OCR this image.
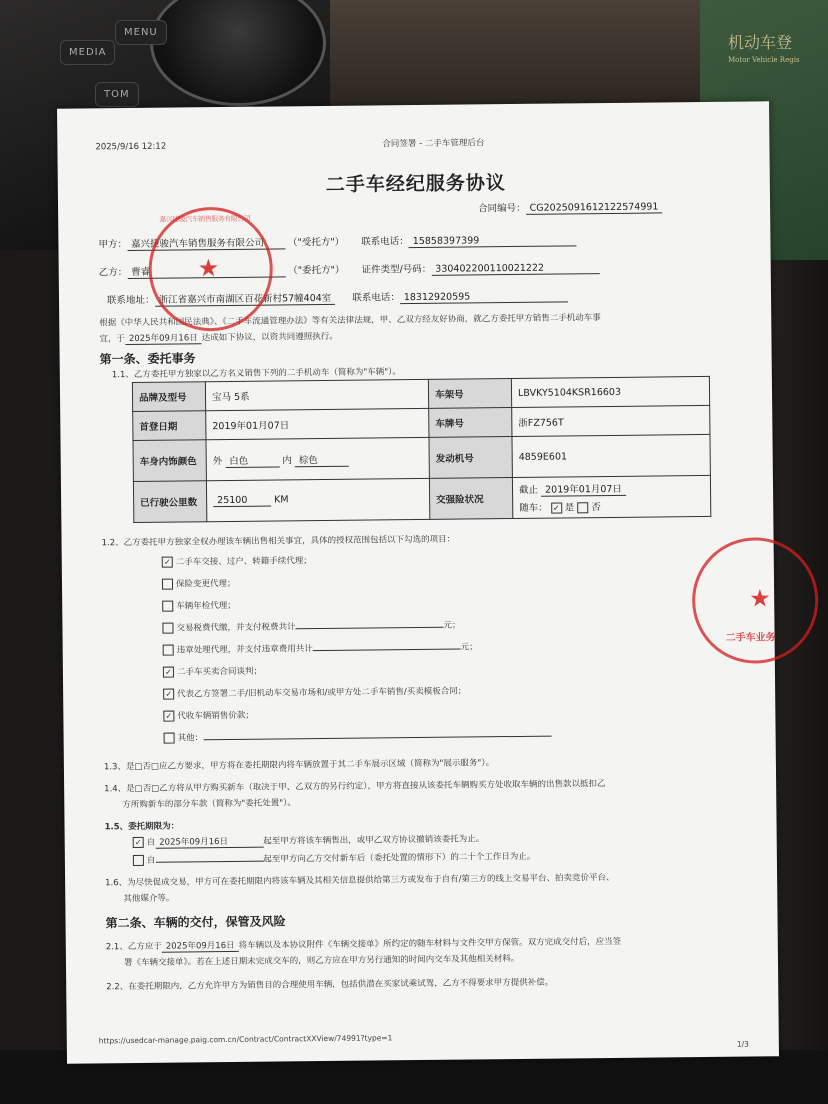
MEDIA
MENU
TOM
机动车登
Motor Vehicle Regis
2025/9/16 12:12	合同签署 - 二手车管理后台
二手车经纪服务协议
合同编号： CG2025091612122574991
甲方： 嘉兴捷骏汽车销售服务有限公司	（"受托方"） 联系电话： 15858397399
乙方： 曹睿	（"委托方"） 证件类型/号码： 330402200110021222
联系地址： 浙江省嘉兴市南湖区百花新村57幢404室 联系电话： 18312920595
根据《中华人民共和国民法典》、《二手车流通管理办法》等有关法律法规，甲、乙双方经友好协商，就乙方委托甲方销售二手机动车事
宜，于 2025年09月16日 达成如下协议，以资共同遵照执行。
第一条、委托事务
1.1、乙方委托甲方独家以乙方名义销售下列的二手机动车（简称为"车辆"）。
品牌及型号	宝马 5系	车架号	LBVKY5104KSR16603
首登日期	2019年01月07日	车牌号	浙FZ756T
车身内饰颜色	外 白色 内 棕色	发动机号	4859E601
已行驶公里数	25100 KM	交强险状况	截止 2019年01月07日
随车： ✓ 是 否
1.2、乙方委托甲方独家全权办理该车辆出售相关事宜，具体的授权范围包括以下勾选的项目：
✓ 二手车交接、过户、转籍手续代理；
保险变更代理；
车辆年检代理；
交易税费代缴，并支付税费共计	元；
违章处理代理，并支付违章费用共计	元；
✓ 二手车买卖合同谈判；
✓ 代表乙方签署二手/旧机动车交易市场和/或甲方处二手车销售/买卖模板合同；
✓ 代收车辆销售价款；
其他：
1.3、是□否□应乙方要求，甲方将在委托期限内将车辆放置于其二手车展示区域（简称为"展示服务"）。
1.4、是□否□乙方将从甲方购买新车（取决于甲、乙双方的另行约定），甲方将直接从该委托车辆购买方处收取车辆的出售款以抵扣乙
方所购新车的部分车款（简称为"委托处置"）。
1.5、委托期限为：
✓ 自 2025年09月16日	起至甲方将该车辆售出，或甲乙双方协议撤销该委托为止。
自	起至甲方向乙方交付新车后（委托处置的情形下）的二十个工作日为止。
1.6、为尽快促成交易，甲方可在委托期限内将该车辆及其相关信息提供给第三方或发布于自有/第三方的线上交易平台、拍卖竞价平台、
其他媒介等。
第二条、车辆的交付，保管及风险
2.1、乙方应于 2025年09月16日 将车辆以及本协议附件《车辆交接单》所约定的随车材料与文件交甲方保管。双方完成交付后，应当签
署《车辆交接单》。若在上述日期未完成交车的，则乙方应在甲方另行通知的时间内交车及其他相关材料。
2.2、在委托期限内，乙方允许甲方为销售目的合理使用车辆，包括供潜在买家试乘试驾，乙方不得要求甲方提供补偿。
https://usedcar-manage.paig.com.cn/Contract/ContractXXView/74991?type=1	1/3
嘉兴捷骏汽车销售服务有限公司
★
★
二手车业务
